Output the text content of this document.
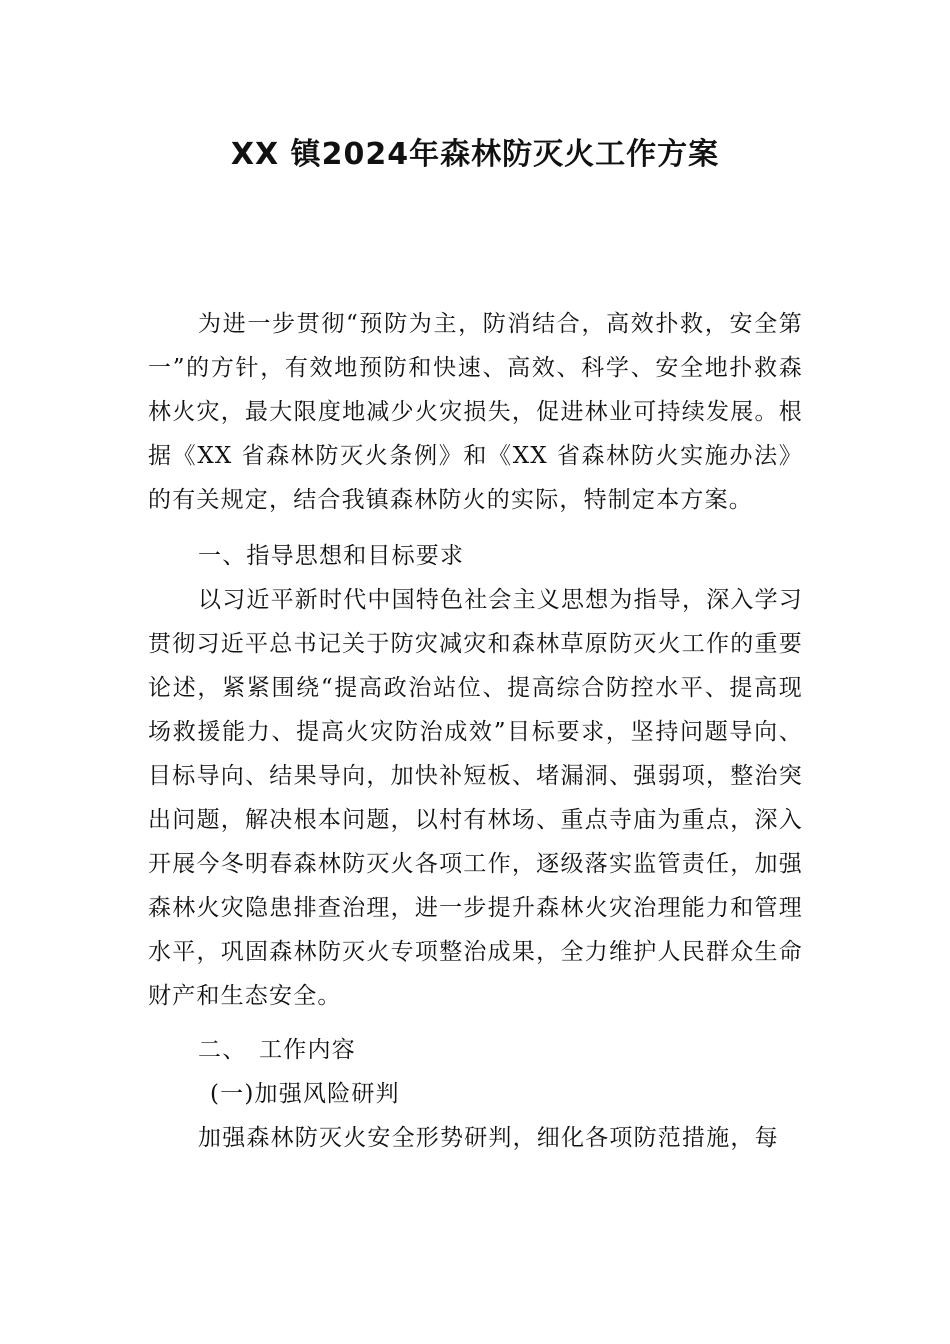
XX 镇2024年森林防灭火工作方案

为进一步贯彻“预防为主，防消结合，高效扑救，安全第一”的方针，有效地预防和快速、高效、科学、安全地扑救森林火灾，最大限度地减少火灾损失，促进林业可持续发展。根据《XX 省森林防灭火条例》和《XX 省森林防火实施办法》的有关规定，结合我镇森林防火的实际，特制定本方案。

一、指导思想和目标要求

以习近平新时代中国特色社会主义思想为指导，深入学习贯彻习近平总书记关于防灾减灾和森林草原防灭火工作的重要论述，紧紧围绕“提高政治站位、提高综合防控水平、提高现场救援能力、提高火灾防治成效”目标要求，坚持问题导向、目标导向、结果导向，加快补短板、堵漏洞、强弱项，整治突出问题，解决根本问题，以村有林场、重点寺庙为重点，深入开展今冬明春森林防灭火各项工作，逐级落实监管责任，加强森林火灾隐患排查治理，进一步提升森林火灾治理能力和管理水平，巩固森林防灭火专项整治成果，全力维护人民群众生命财产和生态安全。

二、　工作内容

(一)加强风险研判

加强森林防灭火安全形势研判，细化各项防范措施，每
